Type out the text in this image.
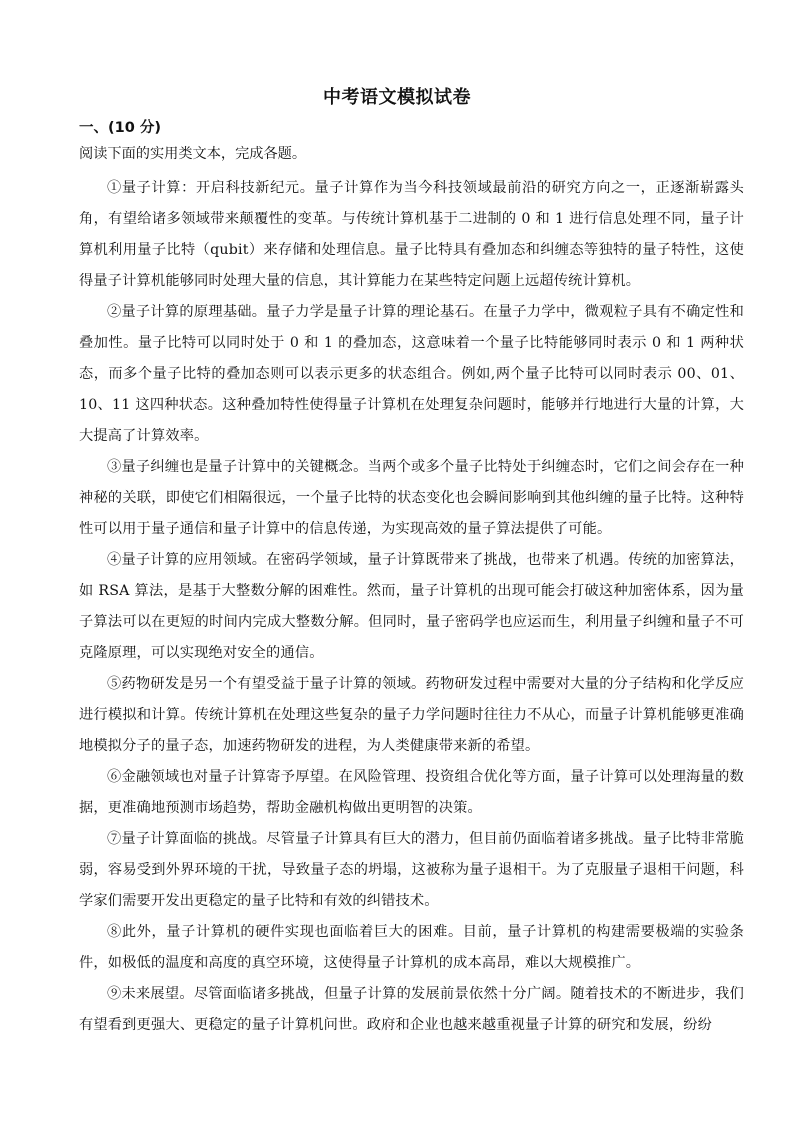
中考语文模拟试卷
一、(10 分)
阅读下面的实用类文本，完成各题。

①量子计算：开启科技新纪元。量子计算作为当今科技领域最前沿的研究方向之一，正逐渐崭露头角，有望给诸多领域带来颠覆性的变革。与传统计算机基于二进制的 0 和 1 进行信息处理不同，量子计算机利用量子比特（qubit）来存储和处理信息。量子比特具有叠加态和纠缠态等独特的量子特性，这使得量子计算机能够同时处理大量的信息，其计算能力在某些特定问题上远超传统计算机。

②量子计算的原理基础。量子力学是量子计算的理论基石。在量子力学中，微观粒子具有不确定性和叠加性。量子比特可以同时处于 0 和 1 的叠加态，这意味着一个量子比特能够同时表示 0 和 1 两种状态，而多个量子比特的叠加态则可以表示更多的状态组合。例如,两个量子比特可以同时表示 00、01、10、11 这四种状态。这种叠加特性使得量子计算机在处理复杂问题时，能够并行地进行大量的计算，大大提高了计算效率。

③量子纠缠也是量子计算中的关键概念。当两个或多个量子比特处于纠缠态时，它们之间会存在一种神秘的关联，即使它们相隔很远，一个量子比特的状态变化也会瞬间影响到其他纠缠的量子比特。这种特性可以用于量子通信和量子计算中的信息传递，为实现高效的量子算法提供了可能。

④量子计算的应用领域。在密码学领域，量子计算既带来了挑战，也带来了机遇。传统的加密算法，如 RSA 算法，是基于大整数分解的困难性。然而，量子计算机的出现可能会打破这种加密体系，因为量子算法可以在更短的时间内完成大整数分解。但同时，量子密码学也应运而生，利用量子纠缠和量子不可克隆原理，可以实现绝对安全的通信。

⑤药物研发是另一个有望受益于量子计算的领域。药物研发过程中需要对大量的分子结构和化学反应进行模拟和计算。传统计算机在处理这些复杂的量子力学问题时往往力不从心，而量子计算机能够更准确地模拟分子的量子态，加速药物研发的进程，为人类健康带来新的希望。

⑥金融领域也对量子计算寄予厚望。在风险管理、投资组合优化等方面，量子计算可以处理海量的数据，更准确地预测市场趋势，帮助金融机构做出更明智的决策。

⑦量子计算面临的挑战。尽管量子计算具有巨大的潜力，但目前仍面临着诸多挑战。量子比特非常脆弱，容易受到外界环境的干扰，导致量子态的坍塌，这被称为量子退相干。为了克服量子退相干问题，科学家们需要开发出更稳定的量子比特和有效的纠错技术。

⑧此外，量子计算机的硬件实现也面临着巨大的困难。目前，量子计算机的构建需要极端的实验条件，如极低的温度和高度的真空环境，这使得量子计算机的成本高昂，难以大规模推广。

⑨未来展望。尽管面临诸多挑战，但量子计算的发展前景依然十分广阔。随着技术的不断进步，我们有望看到更强大、更稳定的量子计算机问世。政府和企业也越来越重视量子计算的研究和发展，纷纷
